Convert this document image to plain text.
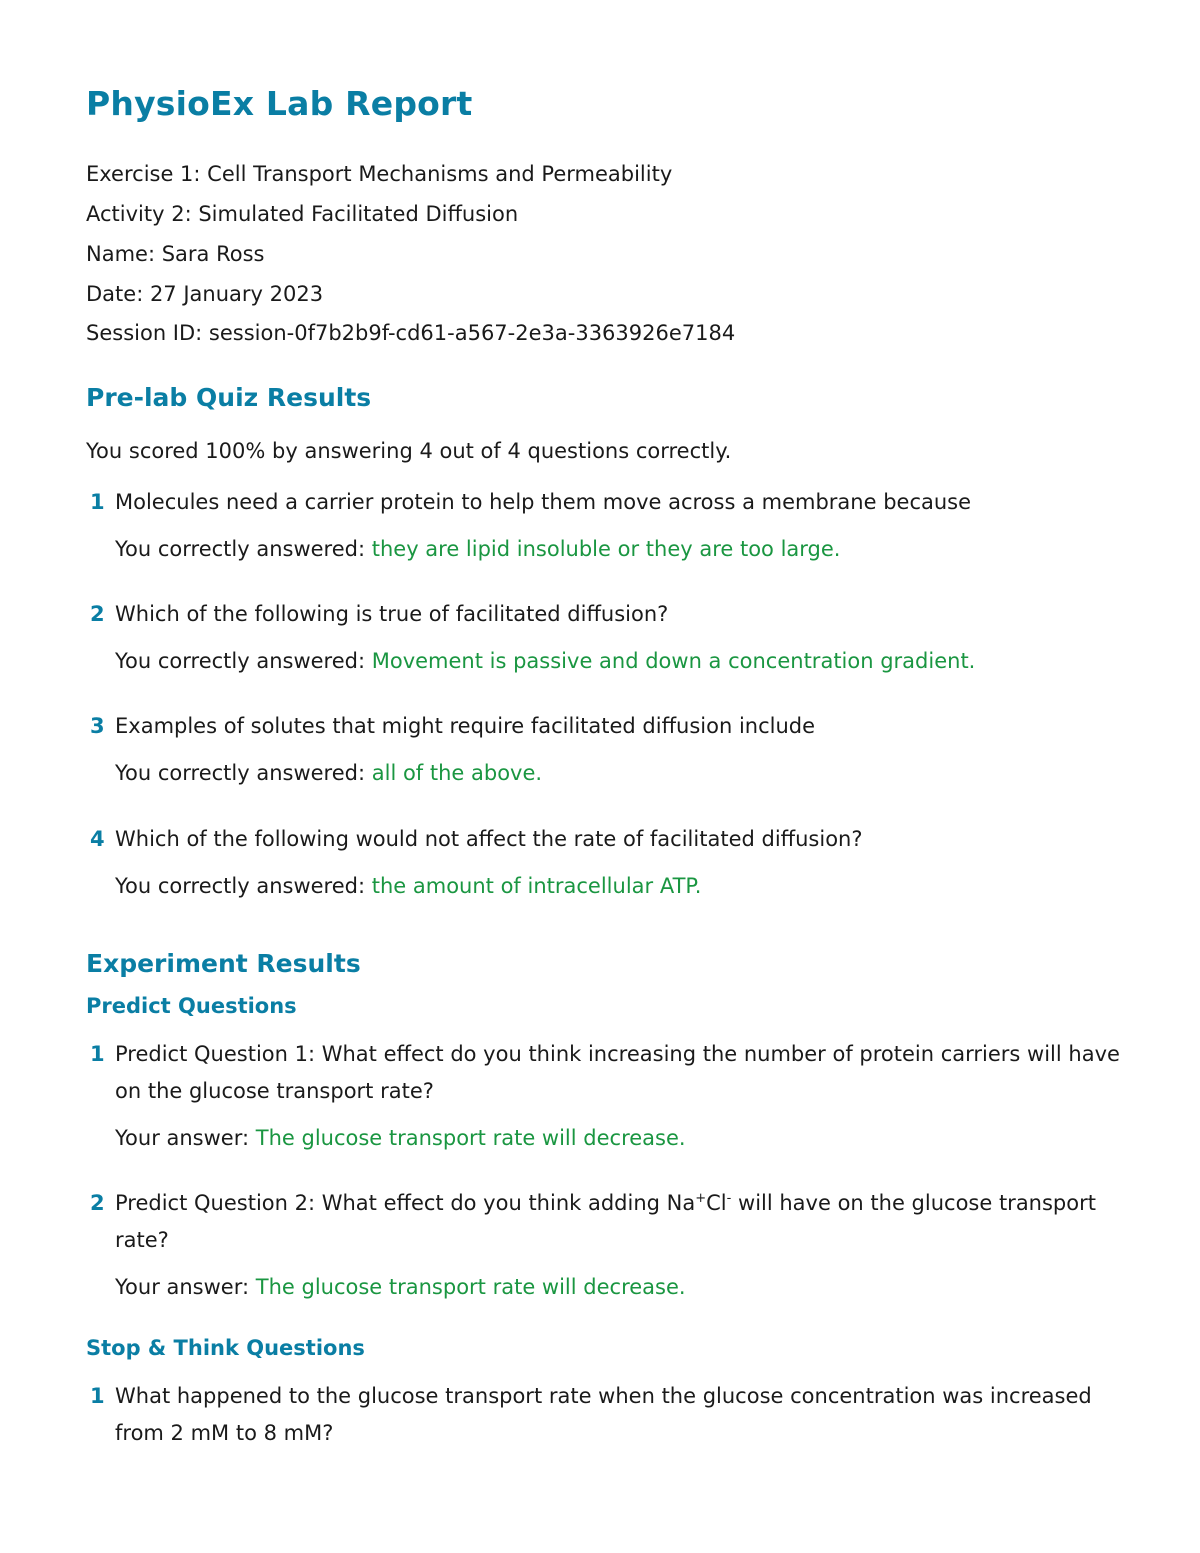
PhysioEx Lab Report
Exercise 1: Cell Transport Mechanisms and Permeability
Activity 2: Simulated Facilitated Diffusion
Name: Sara Ross
Date: 27 January 2023
Session ID: session-0f7b2b9f-cd61-a567-2e3a-3363926e7184
Pre-lab Quiz Results
You scored 100% by answering 4 out of 4 questions correctly.
1 Molecules need a carrier protein to help them move across a membrane because
You correctly answered: they are lipid insoluble or they are too large.
2 Which of the following is true of facilitated diffusion?
You correctly answered: Movement is passive and down a concentration gradient.
3 Examples of solutes that might require facilitated diffusion include
You correctly answered: all of the above.
4 Which of the following would not affect the rate of facilitated diffusion?
You correctly answered: the amount of intracellular ATP.
Experiment Results
Predict Questions
1 Predict Question 1: What effect do you think increasing the number of protein carriers will have on the glucose transport rate?
Your answer: The glucose transport rate will decrease.
2 Predict Question 2: What effect do you think adding Na+Cl- will have on the glucose transport rate?
Your answer: The glucose transport rate will decrease.
Stop & Think Questions
1 What happened to the glucose transport rate when the glucose concentration was increased from 2 mM to 8 mM?
